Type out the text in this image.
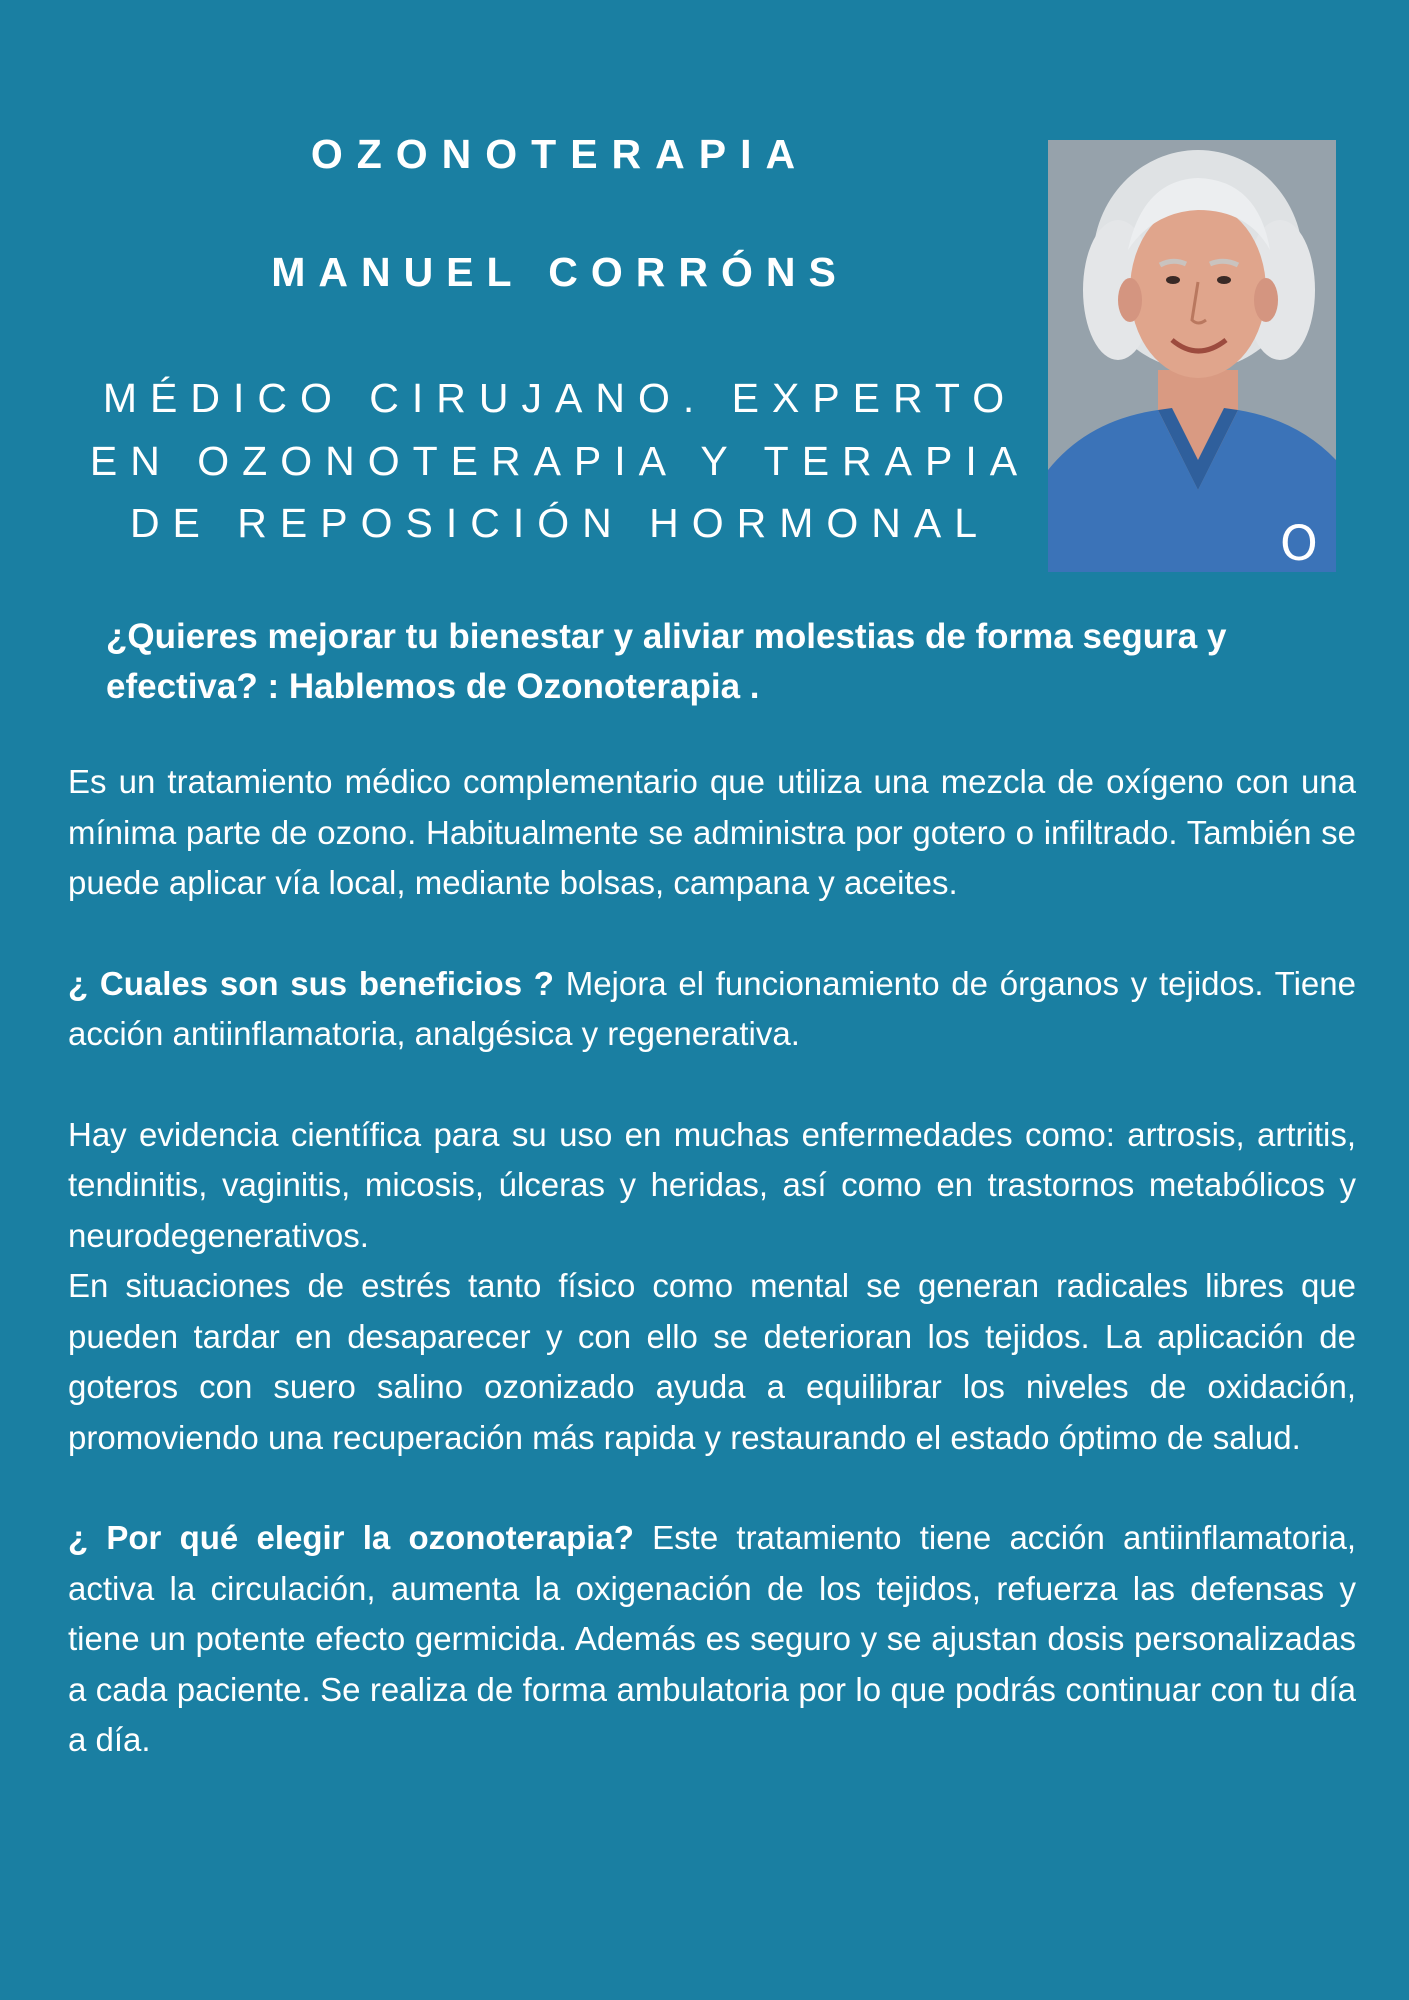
OZONOTERAPIA
MANUEL CORRÓNS
MÉDICO CIRUJANO. EXPERTO EN OZONOTERAPIA Y TERAPIA DE REPOSICIÓN HORMONAL	O

¿Quieres mejorar tu bienestar y aliviar molestias de forma segura y efectiva? : Hablemos de Ozonoterapia .

Es un tratamiento médico complementario que utiliza una mezcla de oxígeno con una mínima parte de ozono. Habitualmente se administra por gotero o infiltrado. También se puede aplicar vía local, mediante bolsas, campana y aceites.

¿ Cuales son sus beneficios ? Mejora el funcionamiento de órganos y tejidos. Tiene acción antiinflamatoria, analgésica y regenerativa.

Hay evidencia científica para su uso en muchas enfermedades como: artrosis, artritis, tendinitis, vaginitis, micosis, úlceras y heridas, así como en trastornos metabólicos y neurodegenerativos.

En situaciones de estrés tanto físico como mental se generan radicales libres que pueden tardar en desaparecer y con ello se deterioran los tejidos. La aplicación de goteros con suero salino ozonizado ayuda a equilibrar los niveles de oxidación, promoviendo una recuperación más rapida y restaurando el estado óptimo de salud.

¿ Por qué elegir la ozonoterapia? Este tratamiento tiene acción antiinflamatoria, activa la circulación, aumenta la oxigenación de los tejidos, refuerza las defensas y tiene un potente efecto germicida. Además es seguro y se ajustan dosis personalizadas a cada paciente. Se realiza de forma ambulatoria por lo que podrás continuar con tu día a día.
